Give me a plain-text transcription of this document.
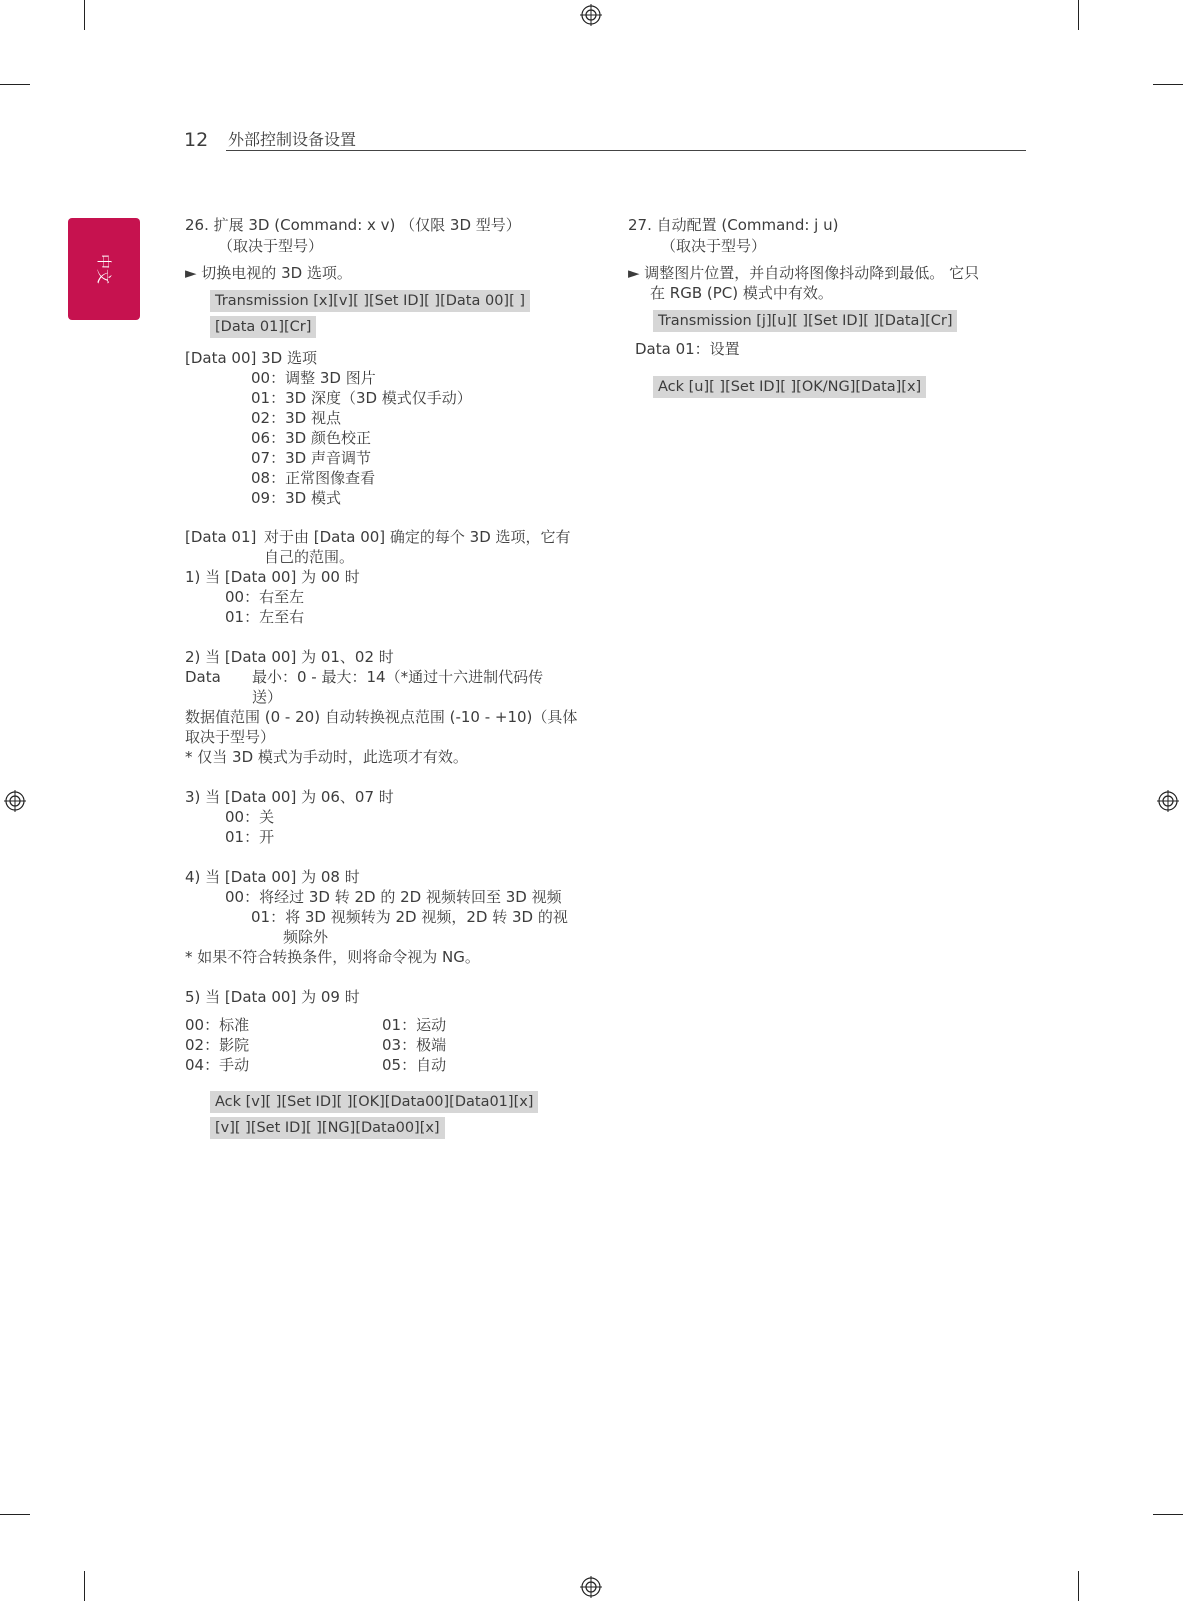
12 外部控制设备设置
中文
26. 扩展 3D (Command: x v) （仅限 3D 型号）
（取决于型号）
► 切换电视的 3D 选项。
Transmission [x][v][ ][Set ID][ ][Data 00][ ]
[Data 01][Cr]
[Data 00] 3D 选项
00：调整 3D 图片
01：3D 深度（3D 模式仅手动）
02：3D 视点
06：3D 颜色校正
07：3D 声音调节
08：正常图像查看
09：3D 模式
[Data 01] 对于由 [Data 00] 确定的每个 3D 选项，它有
自己的范围。
1) 当 [Data 00] 为 00 时
00：右至左
01：左至右
2) 当 [Data 00] 为 01、02 时
Data 最小：0 - 最大：14（*通过十六进制代码传
送）
数据值范围 (0 - 20) 自动转换视点范围 (-10 - +10)（具体
取决于型号）
* 仅当 3D 模式为手动时，此选项才有效。
3) 当 [Data 00] 为 06、07 时
00：关
01：开
4) 当 [Data 00] 为 08 时
00：将经过 3D 转 2D 的 2D 视频转回至 3D 视频
01：将 3D 视频转为 2D 视频，2D 转 3D 的视
频除外
* 如果不符合转换条件，则将命令视为 NG。
5) 当 [Data 00] 为 09 时
00：标准	01：运动
02：影院	03：极端
04：手动	05：自动
Ack [v][ ][Set ID][ ][OK][Data00][Data01][x]
[v][ ][Set ID][ ][NG][Data00][x]
27. 自动配置 (Command: j u)
（取决于型号）
► 调整图片位置，并自动将图像抖动降到最低。 它只
在 RGB (PC) 模式中有效。
Transmission [j][u][ ][Set ID][ ][Data][Cr]
Data 01：设置
Ack [u][ ][Set ID][ ][OK/NG][Data][x]
